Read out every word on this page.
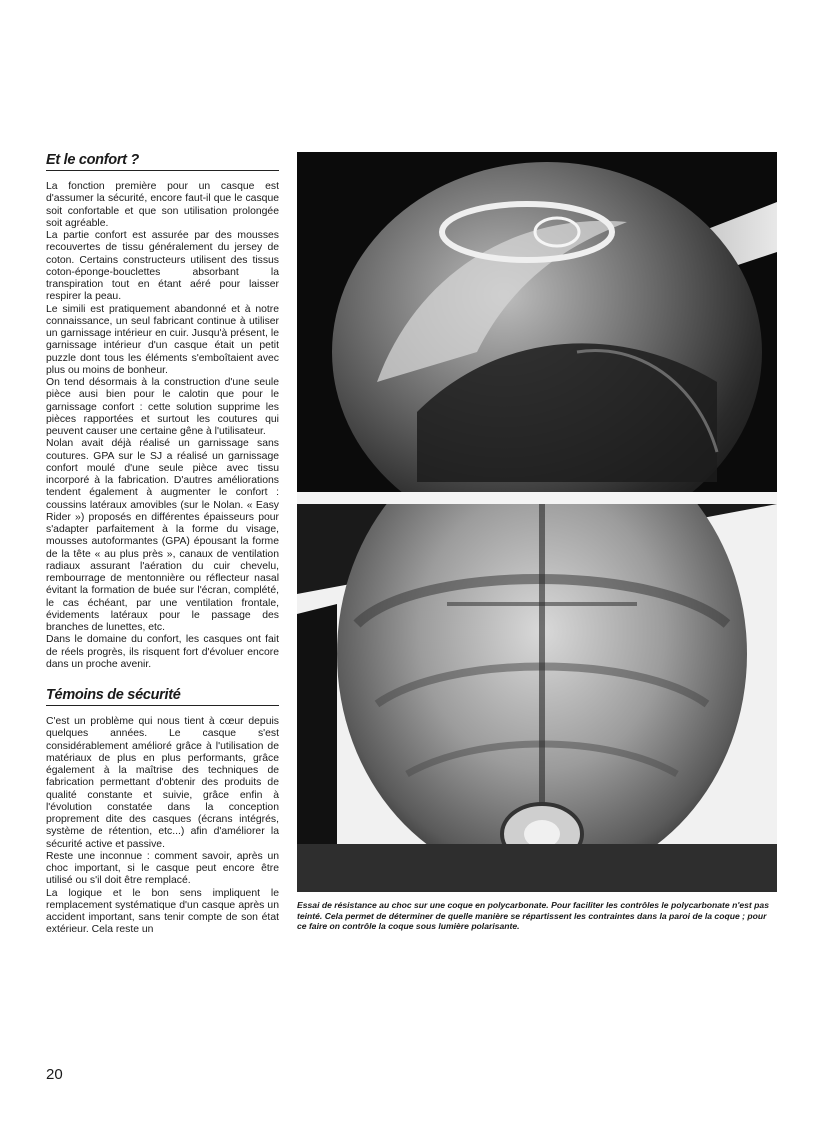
Et le confort ?

La fonction première pour un casque est d'assumer la sécurité, encore faut-il que le casque soit confortable et que son utilisation prolongée soit agréable.

La partie confort est assurée par des mousses recouvertes de tissu généralement du jersey de coton. Certains constructeurs utilisent des tissus coton-éponge-bouclettes absorbant la transpiration tout en étant aéré pour laisser respirer la peau.

Le simili est pratiquement abandonné et à notre connaissance, un seul fabricant continue à utiliser un garnissage intérieur en cuir. Jusqu'à présent, le garnissage intérieur d'un casque était un petit puzzle dont tous les éléments s'emboîtaient avec plus ou moins de bonheur.

On tend désormais à la construction d'une seule pièce ausi bien pour le calotin que pour le garnissage confort : cette solution supprime les pièces rapportées et surtout les coutures qui peuvent causer une certaine gêne à l'utilisateur.

Nolan avait déjà réalisé un garnissage sans coutures. GPA sur le SJ a réalisé un garnissage confort moulé d'une seule pièce avec tissu incorporé à la fabrication. D'autres améliorations tendent également à augmenter le confort : coussins latéraux amovibles (sur le Nolan. « Easy Rider ») proposés en différentes épaisseurs pour s'adapter parfaitement à la forme du visage, mousses autoformantes (GPA) épousant la forme de la tête « au plus près », canaux de ventilation radiaux assurant l'aération du cuir chevelu, rembourrage de mentonnière ou réflecteur nasal évitant la formation de buée sur l'écran, complété, le cas échéant, par une ventilation frontale, évidements latéraux pour le passage des branches de lunettes, etc.

Dans le domaine du confort, les casques ont fait de réels progrès, ils risquent fort d'évoluer encore dans un proche avenir.

Témoins de sécurité

C'est un problème qui nous tient à cœur depuis quelques années. Le casque s'est considérablement amélioré grâce à l'utilisation de matériaux de plus en plus performants, grâce également à la maîtrise des techniques de fabrication permettant d'obtenir des produits de qualité constante et suivie, grâce enfin à l'évolution constatée dans la conception proprement dite des casques (écrans intégrés, système de rétention, etc...) afin d'améliorer la sécurité active et passive.

Reste une inconnue : comment savoir, après un choc important, si le casque peut encore être utilisé ou s'il doit être remplacé.

La logique et le bon sens impliquent le remplacement systématique d'un casque après un accident important, sans tenir compte de son état extérieur. Cela reste un

Essai de résistance au choc sur une coque en polycarbonate. Pour faciliter les contrôles le polycarbonate n'est pas teinté. Cela permet de déterminer de quelle manière se répartissent les contraintes dans la paroi de la coque ; pour ce faire on contrôle la coque sous lumière polarisante.

20
